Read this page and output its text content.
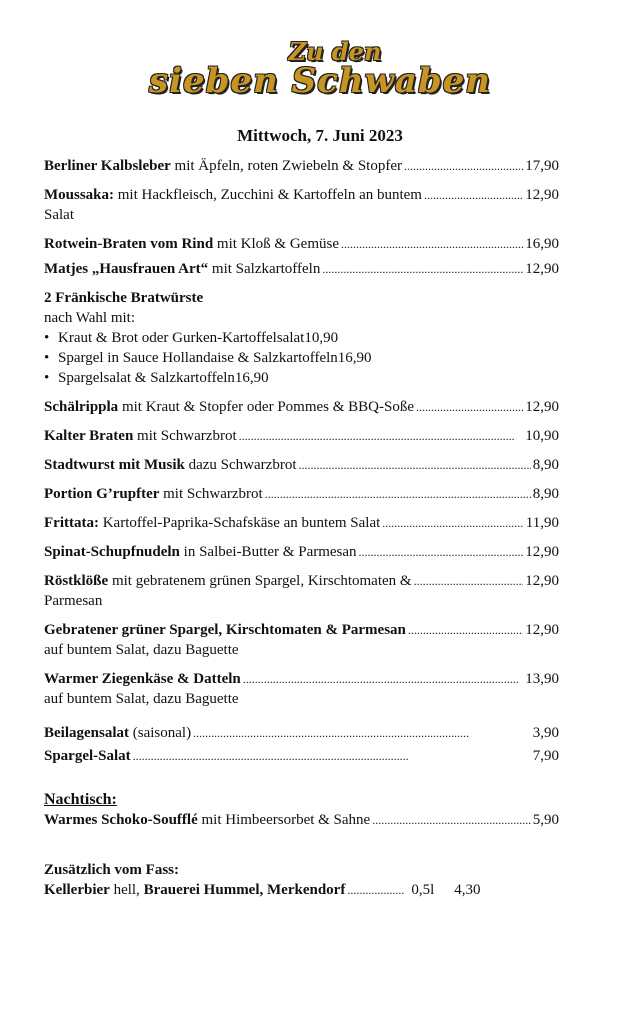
Zu den
sieben Schwaben
Mittwoch, 7. Juni 2023
Berliner Kalbsleber mit Äpfeln, roten Zwiebeln & Stopfer . . .	17,90
Moussaka: mit Hackfleisch, Zucchini & Kartoffeln an buntem . . .	12,90
Salat
Rotwein-Braten vom Rind mit Kloß & Gemüse . . .	16,90
Matjes „Hausfrauen Art“ mit Salzkartoffeln . . .	12,90
2 Fränkische Bratwürste
nach Wahl mit:
• Kraut & Brot oder Gurken-Kartoffelsalat 10,90
• Spargel in Sauce Hollandaise & Salzkartoffeln 16,90
• Spargelsalat & Salzkartoffeln 16,90
Schälrippla mit Kraut & Stopfer oder Pommes & BBQ-Soße . . .	12,90
Kalter Braten mit Schwarzbrot . . .	10,90
Stadtwurst mit Musik dazu Schwarzbrot . . .	8,90
Portion G’rupfter mit Schwarzbrot . . .	8,90
Frittata: Kartoffel-Paprika-Schafskäse an buntem Salat . . .	11,90
Spinat-Schupfnudeln in Salbei-Butter & Parmesan . . .	12,90
Röstklöße mit gebratenem grünen Spargel, Kirschtomaten & . . .	12,90
Parmesan
Gebratener grüner Spargel, Kirschtomaten & Parmesan . . .	12,90
auf buntem Salat, dazu Baguette
Warmer Ziegenkäse & Datteln . . .	13,90
auf buntem Salat, dazu Baguette
Beilagensalat (saisonal) . . .	3,90
Spargel-Salat . . .	7,90
Nachtisch:
Warmes Schoko-Soufflé mit Himbeersorbet & Sahne . . .	5,90
Zusätzlich vom Fass:
Kellerbier hell, Brauerei Hummel, Merkendorf . . .	0,5l 4,30
